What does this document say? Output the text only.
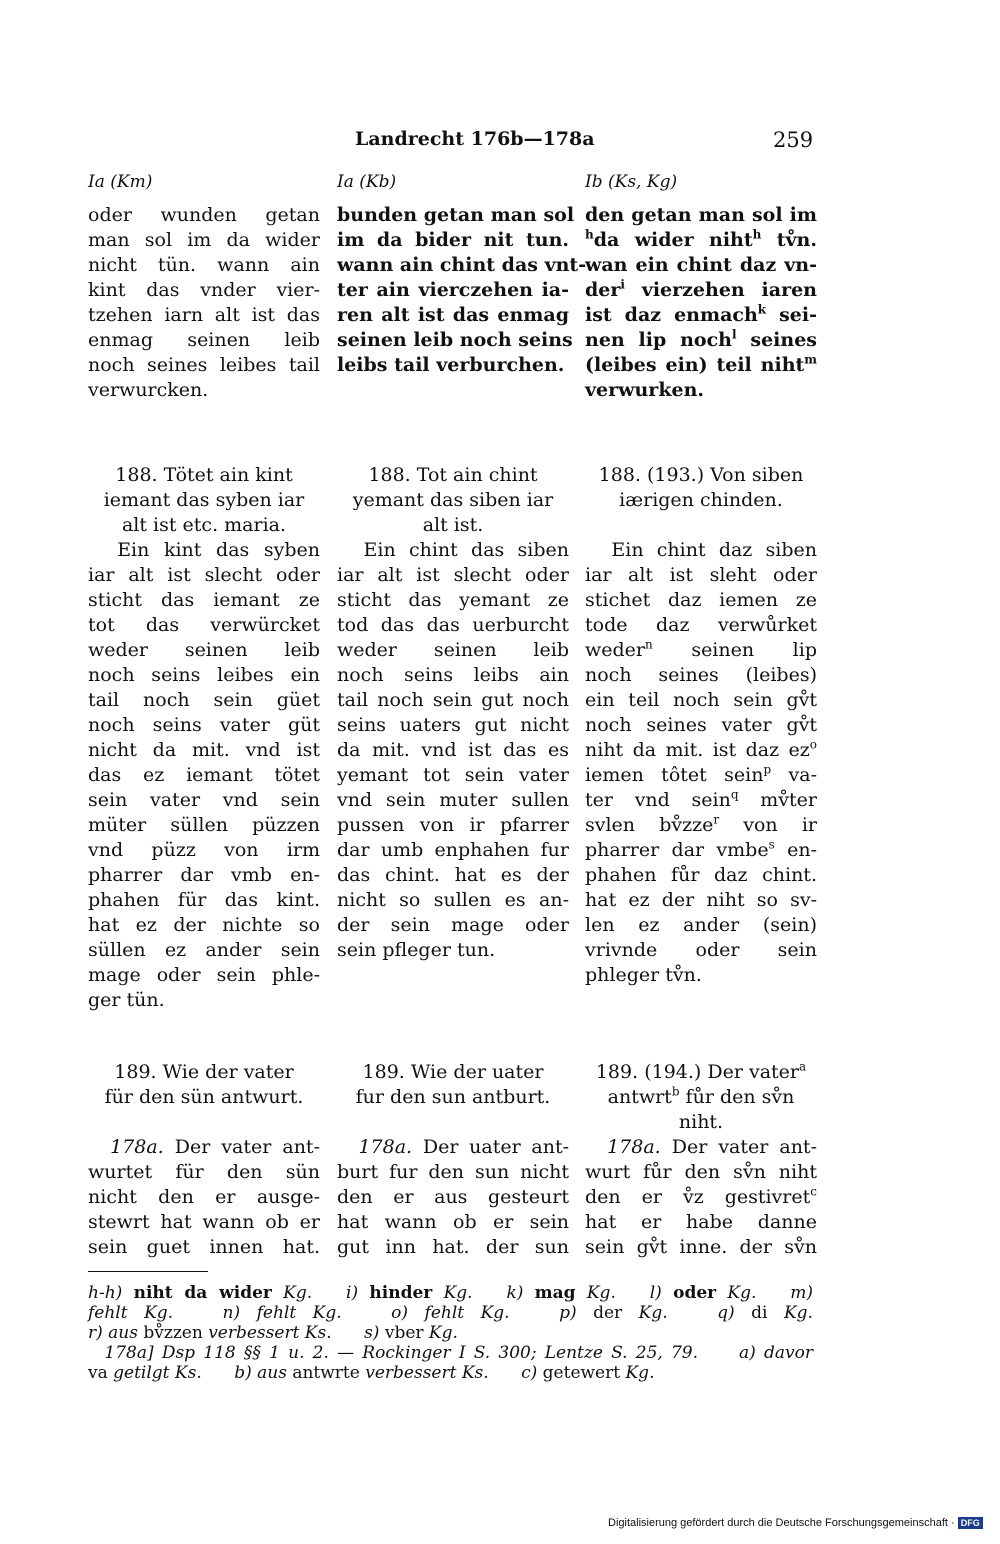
Landrecht 176b—178a	259
Ia (Km)	Ia (Kb)	Ib (Ks, Kg)
oder wunden getan
man sol im da wider
nicht tün. wann ain
kint das vnder vier-
tzehen iarn alt ist das
enmag seinen leib
noch seines leibes tail
verwurcken.
bunden getan man sol
im da bider nit tun.
wann ain chint das vnt-
ter ain vierczehen ia-
ren alt ist das enmag
seinen leib noch seins
leibs tail verburchen.
den getan man sol im
$^h$da wider niht$^h$ tv̊n.
wan ein chint daz vn-
der$^i$ vierzehen iaren
ist daz enmach$^k$ sei-
nen lip noch$^l$ seines
(leibes ein) teil niht$^m$
verwurken.
188. Tötet ain kint
iemant das syben iar
alt ist etc. maria.
Ein kint das syben
iar alt ist slecht oder
sticht das iemant ze
tot das verwürcket
weder seinen leib
noch seins leibes ein
tail noch sein güet
noch seins vater güt
nicht da mit. vnd ist
das ez iemant tötet
sein vater vnd sein
müter süllen püzzen
vnd püzz von irm
pharrer dar vmb en-
phahen für das kint.
hat ez der nichte so
süllen ez ander sein
mage oder sein phle-
ger tün.
188. Tot ain chint
yemant das siben iar
alt ist.
Ein chint das siben
iar alt ist slecht oder
sticht das yemant ze
tod das das uerburcht
weder seinen leib
noch seins leibs ain
tail noch sein gut noch
seins uaters gut nicht
da mit. vnd ist das es
yemant tot sein vater
vnd sein muter sullen
pussen von ir pfarrer
dar umb enphahen fur
das chint. hat es der
nicht so sullen es an-
der sein mage oder
sein pfleger tun.
188. (193.) Von siben
iærigen chinden.

Ein chint daz siben
iar alt ist sleht oder
stichet daz iemen ze
tode daz verwůrket
weder$^n$ seinen lip
noch seines (leibes)
ein teil noch sein gv̊t
noch seines vater gv̊t
niht da mit. ist daz $ez^o$
iemen tôtet sein$^p$ va-
ter vnd sein$^q$ mv̊ter
svlen bv̊zze$^r$ von ir
pharrer dar vmbe$^s$ en-
phahen fůr daz chint.
hat ez der niht so sv-
len ez ander (sein)
vrivnde oder sein
phleger tv̊n.
189. Wie der vater
für den sün antwurt.

178a. Der vater ant-
wurtet für den sün
nicht den er ausge-
stewrt hat wann ob er
sein guet innen hat.
189. Wie der uater
fur den sun antburt.

178a. Der uater ant-
burt fur den sun nicht
den er aus gesteurt
hat wann ob er sein
gut inn hat. der sun
189. (194.) Der vater$^a$
antwrt$^b$ fůr den sv̊n
niht.
178a. Der vater ant-
wurt fůr den sv̊n niht
den er v̊z gestivret$^c$
hat er habe danne
sein gv̊t inne. der sv̊n
h-h) niht da wider Kg. i) hinder Kg. k) mag Kg. l) oder Kg. m)
fehlt Kg.	n) fehlt Kg.	o) fehlt Kg.	p) der Kg.	q) di Kg.
r) aus bv̊zzen verbessert Ks. s) vber Kg.
178a] Dsp 118 §§ 1 u. 2. — Rockinger I S. 300; Lentze S. 25, 79. a) davor
va getilgt Ks. b) aus antwrte verbessert Ks. c) getewert Kg.
Digitalisierung gefördert durch die Deutsche Forschungsgemeinschaft · DFG
